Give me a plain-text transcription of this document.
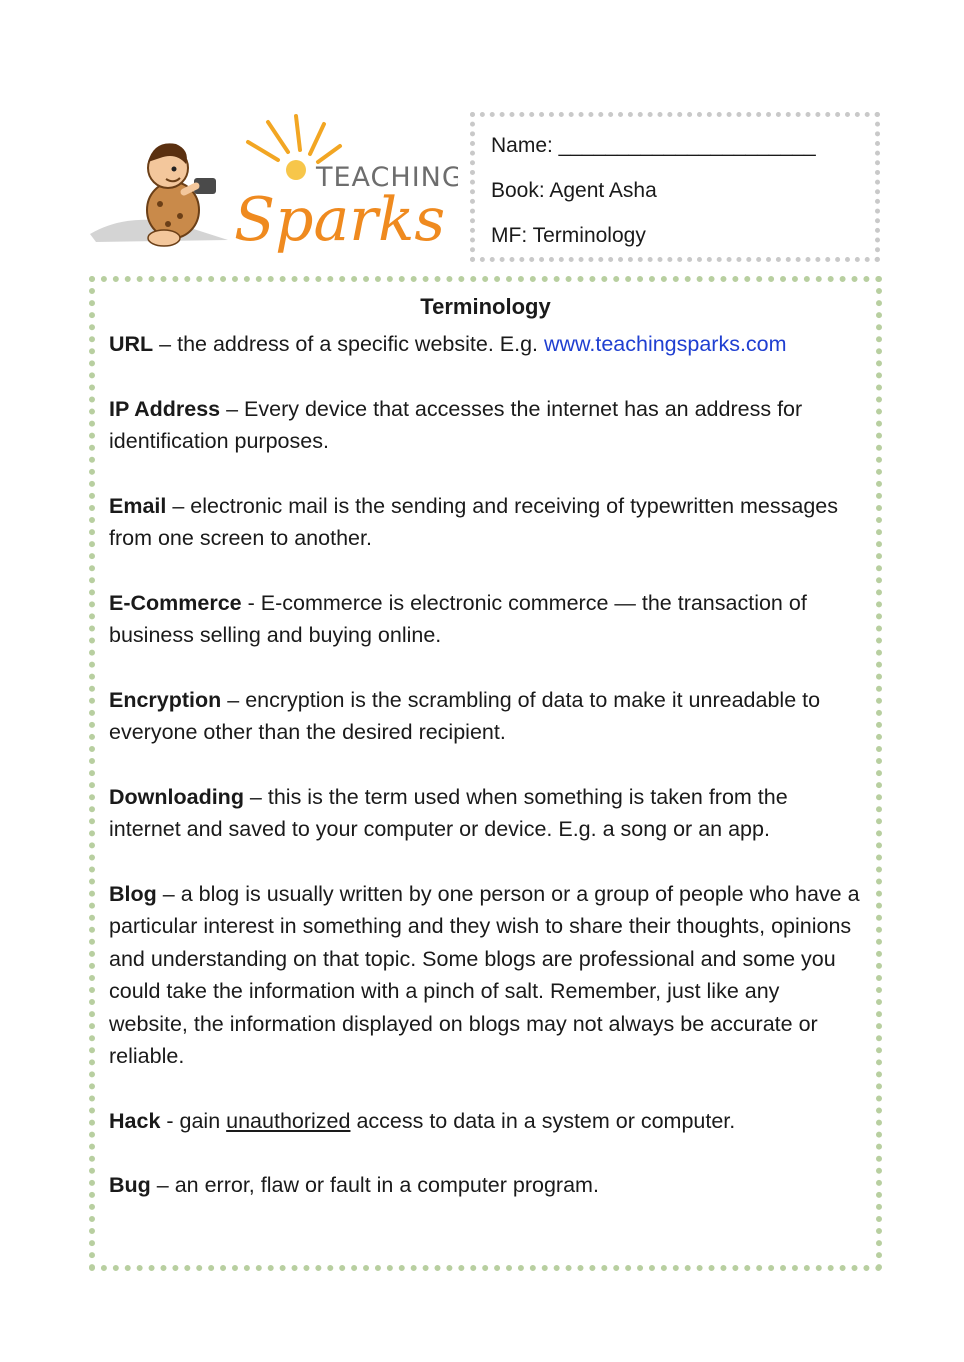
TEACHING
Sparks
Name: ______________________
Book: Agent Asha
MF: Terminology
Terminology

URL – the address of a specific website. E.g. www.teachingsparks.com

IP Address – Every device that accesses the internet has an address for identification purposes.

Email – electronic mail is the sending and receiving of typewritten messages from one screen to another.

E-Commerce - E-commerce is electronic commerce — the transaction of business selling and buying online.

Encryption – encryption is the scrambling of data to make it unreadable to everyone other than the desired recipient.

Downloading – this is the term used when something is taken from the internet and saved to your computer or device. E.g. a song or an app.

Blog – a blog is usually written by one person or a group of people who have a particular interest in something and they wish to share their thoughts, opinions and understanding on that topic. Some blogs are professional and some you could take the information with a pinch of salt. Remember, just like any website, the information displayed on blogs may not always be accurate or reliable.

Hack - gain unauthorized access to data in a system or computer.

Bug – an error, flaw or fault in a computer program.
